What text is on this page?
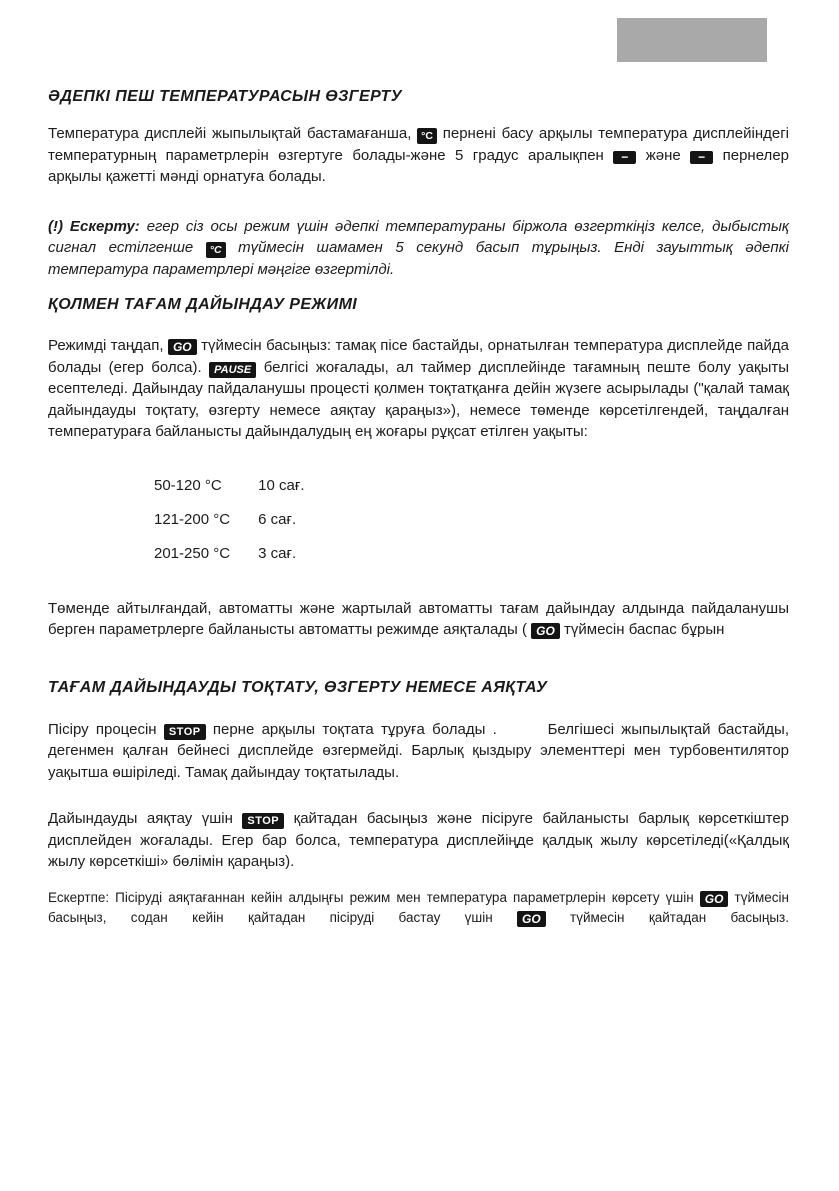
ӘДЕПКІ ПЕШ ТЕМПЕРАТУРАСЫН ӨЗГЕРТУ

Температура дисплейі жыпылықтай бастамағанша, °C пернені басу арқылы температура дисплейіндегі температурның параметрлерін өзгертуге болады-және 5 градус аралықпен − және − пернелер арқылы қажетті мәнді орнатуға болады.

(!) Ескерту: егер сіз осы режим үшін әдепкі температураны біржола өзгерткіңіз келсе, дыбыстық сигнал естілгенше °C түймесін шамамен 5 секунд басып тұрыңыз. Енді зауыттық әдепкі температура параметрлері мәңгіге өзгертілді.

ҚОЛМЕН ТАҒАМ ДАЙЫНДАУ РЕЖИМІ

Режимді таңдап, GO түймесін басыңыз: тамақ пісе бастайды, орнатылған температура дисплейде пайда болады (егер болса). PAUSE белгісі жоғалады, ал таймер дисплейінде тағамның пеште болу уақыты есептеледі. Дайындау пайдаланушы процесті қолмен тоқтатқанға дейін жүзеге асырылады ("қалай тамақ дайындауды тоқтату, өзгерту немесе аяқтау қараңыз»), немесе төменде көрсетілгендей, таңдалған температураға байланысты дайындалудың ең жоғары рұқсат етілген уақыты:

50-120 °C 10 сағ.
121-200 °C 6 сағ.
201-250 °C 3 сағ.

Төменде айтылғандай, автоматты және жартылай автоматты тағам дайындау алдында пайдаланушы берген параметрлерге байланысты автоматты режимде аяқталады ( GO түймесін баспас бұрын

ТАҒАМ ДАЙЫНДАУДЫ ТОҚТАТУ, ӨЗГЕРТУ НЕМЕСЕ АЯҚТАУ

Пісіру процесін STOP перне арқылы тоқтата тұруға болады .       Белгішесі жыпылықтай бастайды, дегенмен қалған бейнесі дисплейде өзгермейді. Барлық қыздыру элементтері мен турбовентилятор уақытша өшіріледі. Тамақ дайындау тоқтатылады.

Дайындауды аяқтау үшін STOP қайтадан басыңыз және пісіруге байланысты барлық көрсеткіштер дисплейден жоғалады. Егер бар болса, температура дисплейіңде қалдық жылу көрсетіледі(«Қалдық жылу көрсеткіші» бөлімін қараңыз).

Ескертпе: Пісіруді аяқтағаннан кейін алдыңғы режим мен температура параметрлерін көрсету үшін GO түймесін басыңыз, содан кейін қайтадан пісіруді бастау үшін GO түймесін қайтадан басыңыз.
